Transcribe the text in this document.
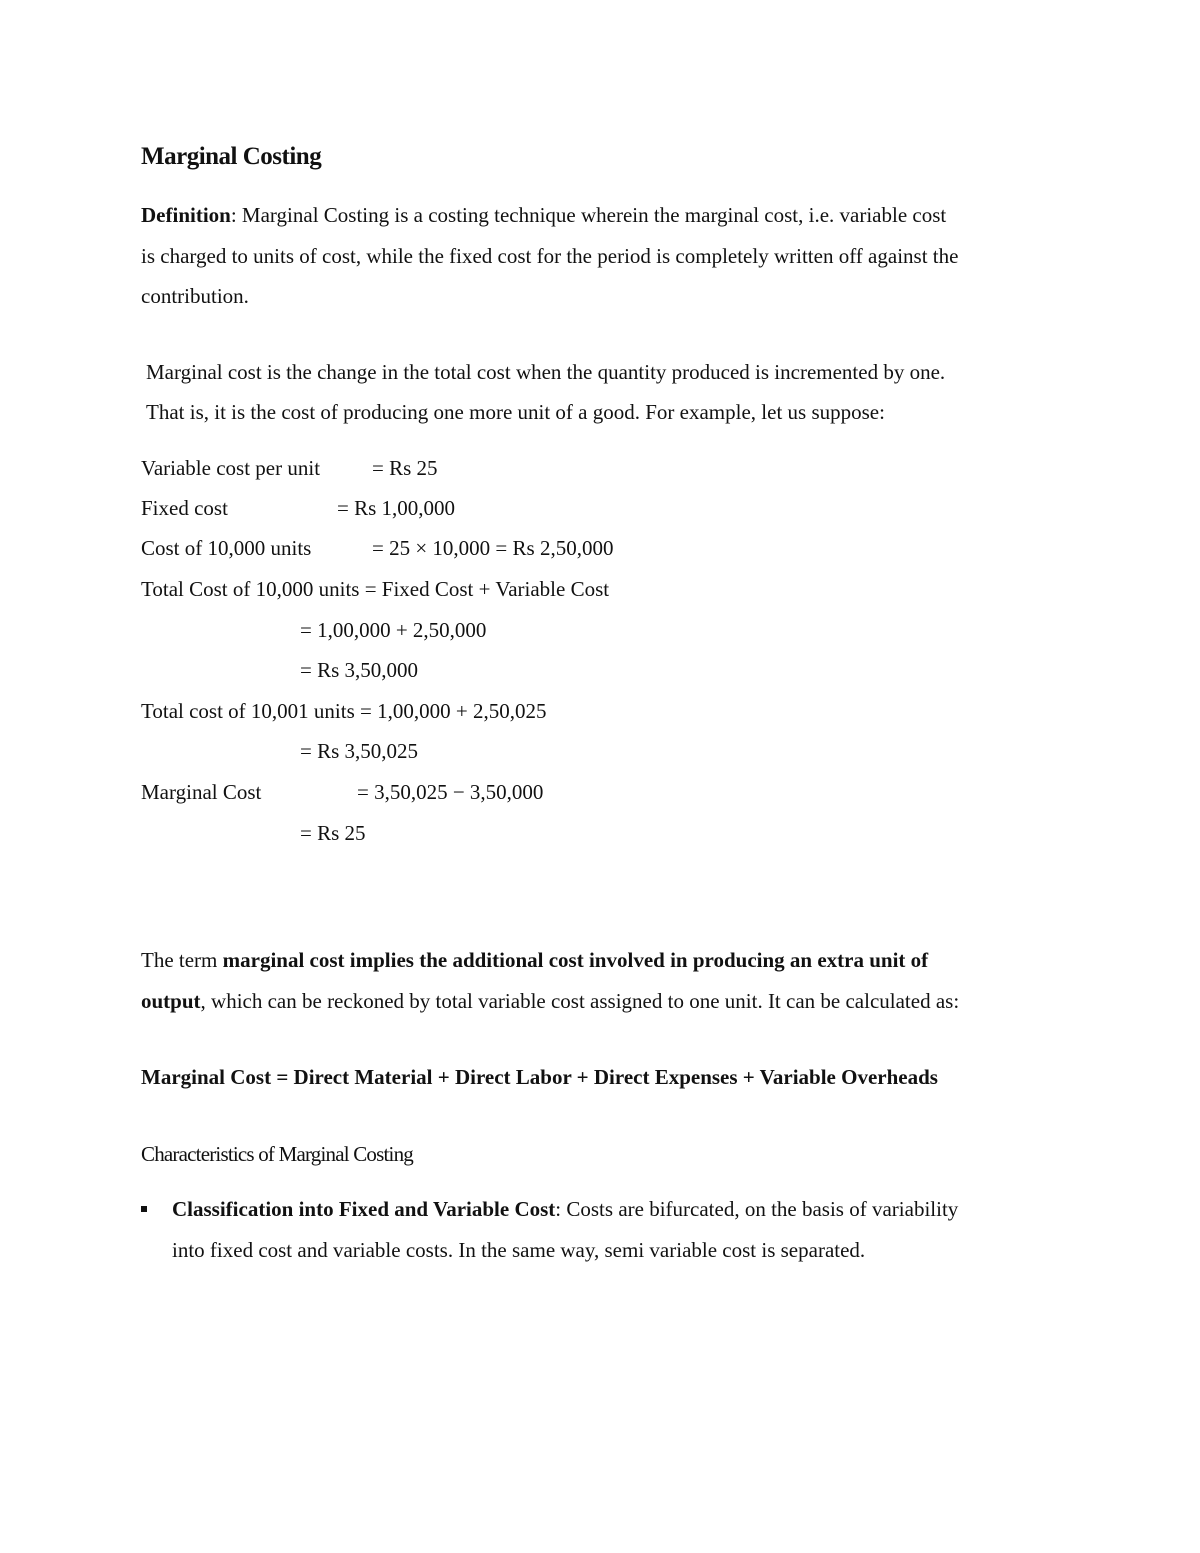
Marginal Costing
Definition: Marginal Costing is a costing technique wherein the marginal cost, i.e. variable cost
is charged to units of cost, while the fixed cost for the period is completely written off against the
contribution.
Marginal cost is the change in the total cost when the quantity produced is incremented by one.
That is, it is the cost of producing one more unit of a good. For example, let us suppose:
Variable cost per unit = Rs 25
Fixed cost	= Rs 1,00,000
Cost of 10,000 units	= 25 × 10,000 = Rs 2,50,000
Total Cost of 10,000 units = Fixed Cost + Variable Cost
= 1,00,000 + 2,50,000
= Rs 3,50,000
Total cost of 10,001 units = 1,00,000 + 2,50,025
= Rs 3,50,025
Marginal Cost	= 3,50,025 − 3,50,000
= Rs 25
The term marginal cost implies the additional cost involved in producing an extra unit of
output, which can be reckoned by total variable cost assigned to one unit. It can be calculated as:
Marginal Cost = Direct Material + Direct Labor + Direct Expenses + Variable Overheads
Characteristics of Marginal Costing
Classification into Fixed and Variable Cost: Costs are bifurcated, on the basis of variability
into fixed cost and variable costs. In the same way, semi variable cost is separated.
